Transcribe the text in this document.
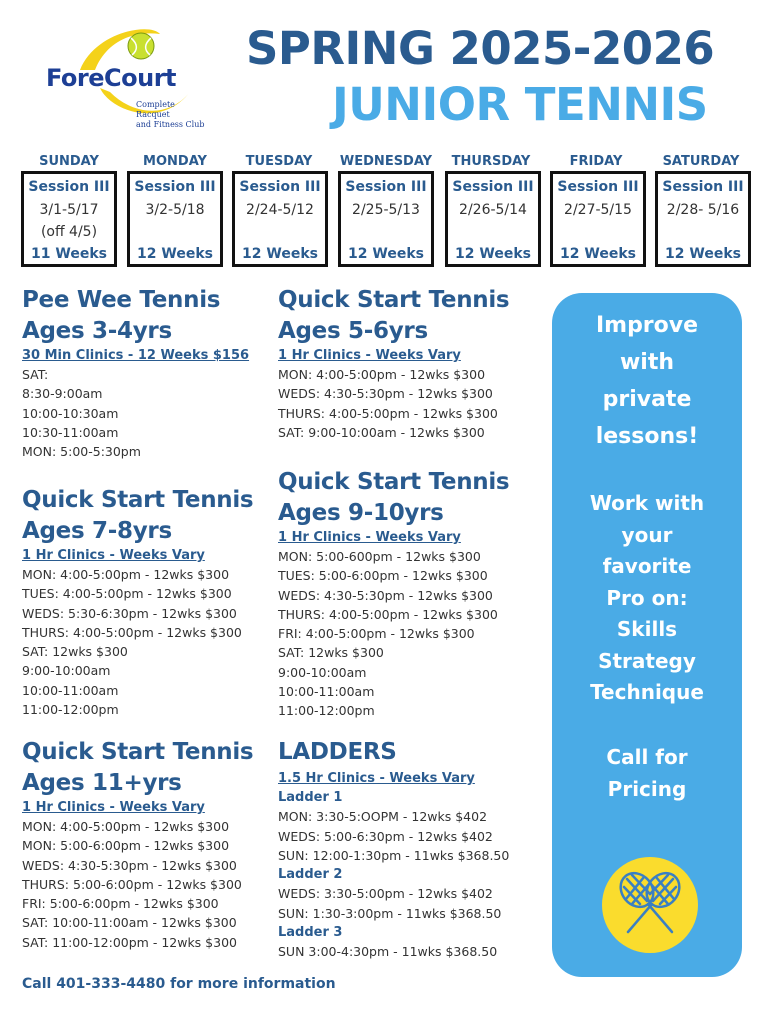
ForeCourt
Complete Racquet
and Fitness Club
SPRING 2025-2026
JUNIOR TENNIS
SUNDAY
Session III
3/1-5/17
(off 4/5)
11 Weeks
MONDAY
Session III
3/2-5/18
12 Weeks
TUESDAY
Session III
2/24-5/12
12 Weeks
WEDNESDAY
Session III
2/25-5/13
12 Weeks
THURSDAY
Session III
2/26-5/14
12 Weeks
FRIDAY
Session III
2/27-5/15
12 Weeks
SATURDAY
Session III
2/28- 5/16
12 Weeks
Pee Wee Tennis
Ages 3-4yrs
30 Min Clinics - 12 Weeks $156
SAT:
8:30-9:00am
10:00-10:30am
10:30-11:00am
MON: 5:00-5:30pm
Quick Start Tennis
Ages 5-6yrs
1 Hr Clinics - Weeks Vary
MON: 4:00-5:00pm - 12wks $300
WEDS: 4:30-5:30pm - 12wks $300
THURS: 4:00-5:00pm - 12wks $300
SAT: 9:00-10:00am - 12wks $300
Quick Start Tennis
Ages 7-8yrs
1 Hr Clinics - Weeks Vary
MON: 4:00-5:00pm - 12wks $300
TUES: 4:00-5:00pm - 12wks $300
WEDS: 5:30-6:30pm - 12wks $300
THURS: 4:00-5:00pm - 12wks $300
SAT: 12wks $300
9:00-10:00am
10:00-11:00am
11:00-12:00pm
Quick Start Tennis
Ages 9-10yrs
1 Hr Clinics - Weeks Vary
MON: 5:00-600pm - 12wks $300
TUES: 5:00-6:00pm - 12wks $300
WEDS: 4:30-5:30pm - 12wks $300
THURS: 4:00-5:00pm - 12wks $300
FRI: 4:00-5:00pm - 12wks $300
SAT: 12wks $300
9:00-10:00am
10:00-11:00am
11:00-12:00pm
Quick Start Tennis
Ages 11+yrs
1 Hr Clinics - Weeks Vary
MON: 4:00-5:00pm - 12wks $300
MON: 5:00-6:00pm - 12wks $300
WEDS: 4:30-5:30pm - 12wks $300
THURS: 5:00-6:00pm - 12wks $300
FRI: 5:00-6:00pm - 12wks $300
SAT: 10:00-11:00am - 12wks $300
SAT: 11:00-12:00pm - 12wks $300
LADDERS
1.5 Hr Clinics - Weeks Vary
Ladder 1
MON: 3:30-5:OOPM - 12wks $402
WEDS: 5:00-6:30pm - 12wks $402
SUN: 12:00-1:30pm - 11wks $368.50
Ladder 2
WEDS: 3:30-5:00pm - 12wks $402
SUN: 1:30-3:00pm - 11wks $368.50
Ladder 3
SUN 3:00-4:30pm - 11wks $368.50
Improve
with
private
lessons!
Work with
your
favorite
Pro on:
Skills
Strategy
Technique
Call for
Pricing
Call 401-333-4480 for more information
